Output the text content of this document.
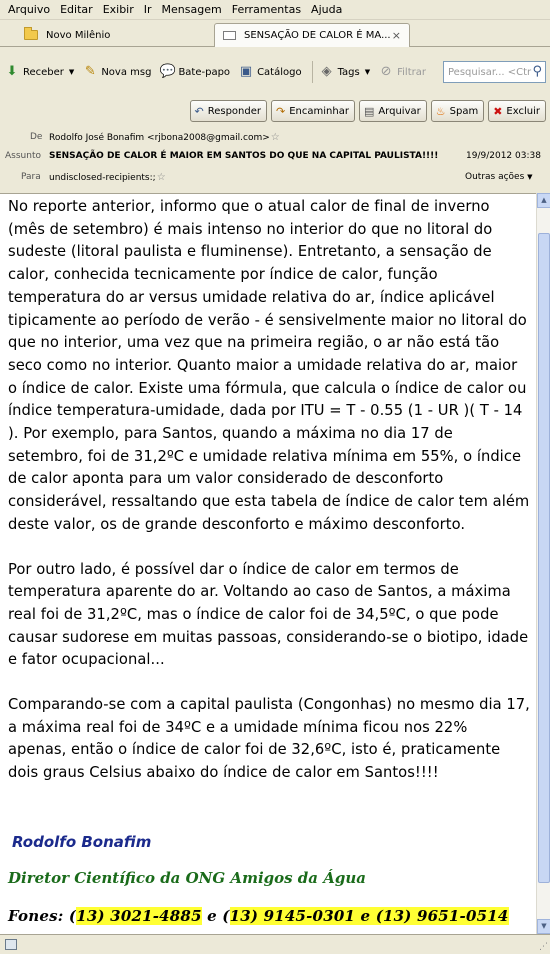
Arquivo Editar Exibir Ir Mensagem Ferramentas Ajuda
Novo Milênio	SENSAÇÃO DE CALOR É MA... ×
⬇ Receber ▼ ✎ Nova msg 💬 Bate-papo ▣ Catálogo ◈ Tags ▼ ⊘ Filtrar Pesquisar... <Ctr ⚲
↶ Responder ↷ Encaminhar ▤ Arquivar ♨ Spam ✖ Excluir
De Rodolfo José Bonafim <rjbona2008@gmail.com>☆
Assunto SENSAÇÃO DE CALOR É MAIOR EM SANTOS DO QUE NA CAPITAL PAULISTA!!!!	19/9/2012 03:38
Para undisclosed-recipients:;☆	Outras ações ▼
No reporte anterior, informo que o atual calor de final de inverno (mês de setembro) é mais intenso no interior do que no litoral do sudeste (litoral paulista e fluminense). Entretanto, a sensação de calor, conhecida tecnicamente por índice de calor, função temperatura do ar versus umidade relativa do ar, índice aplicável tipicamente ao período de verão - é sensivelmente maior no litoral do que no interior, uma vez que na primeira região, o ar não está tão seco como no interior. Quanto maior a umidade relativa do ar, maior o índice de calor. Existe uma fórmula, que calcula o índice de calor ou índice temperatura-umidade, dada por ITU = T - 0.55 (1 - UR )( T - 14 ). Por exemplo, para Santos, quando a máxima no dia 17 de setembro, foi de 31,2ºC e umidade relativa mínima em 55%, o índice de calor aponta para um valor considerado de desconforto considerável, ressaltando que esta tabela de índice de calor tem além deste valor, os de grande desconforto e máximo desconforto.
Por outro lado, é possível dar o índice de calor em termos de temperatura aparente do ar. Voltando ao caso de Santos, a máxima real foi de 31,2ºC, mas o índice de calor foi de 34,5ºC, o que pode causar sudorese em muitas passoas, considerando-se o biotipo, idade e fator ocupacional...
Comparando-se com a capital paulista (Congonhas) no mesmo dia 17, a máxima real foi de 34ºC e a umidade mínima ficou nos 22% apenas, então o índice de calor foi de 32,6ºC, isto é, praticamente dois graus Celsius abaixo do índice de calor em Santos!!!!
Rodolfo Bonafim
Diretor Científico da ONG Amigos da Água
Fones: (13) 3021-4885 e (13) 9145-0301 e (13) 9651-0514
▲
▼
⋰
